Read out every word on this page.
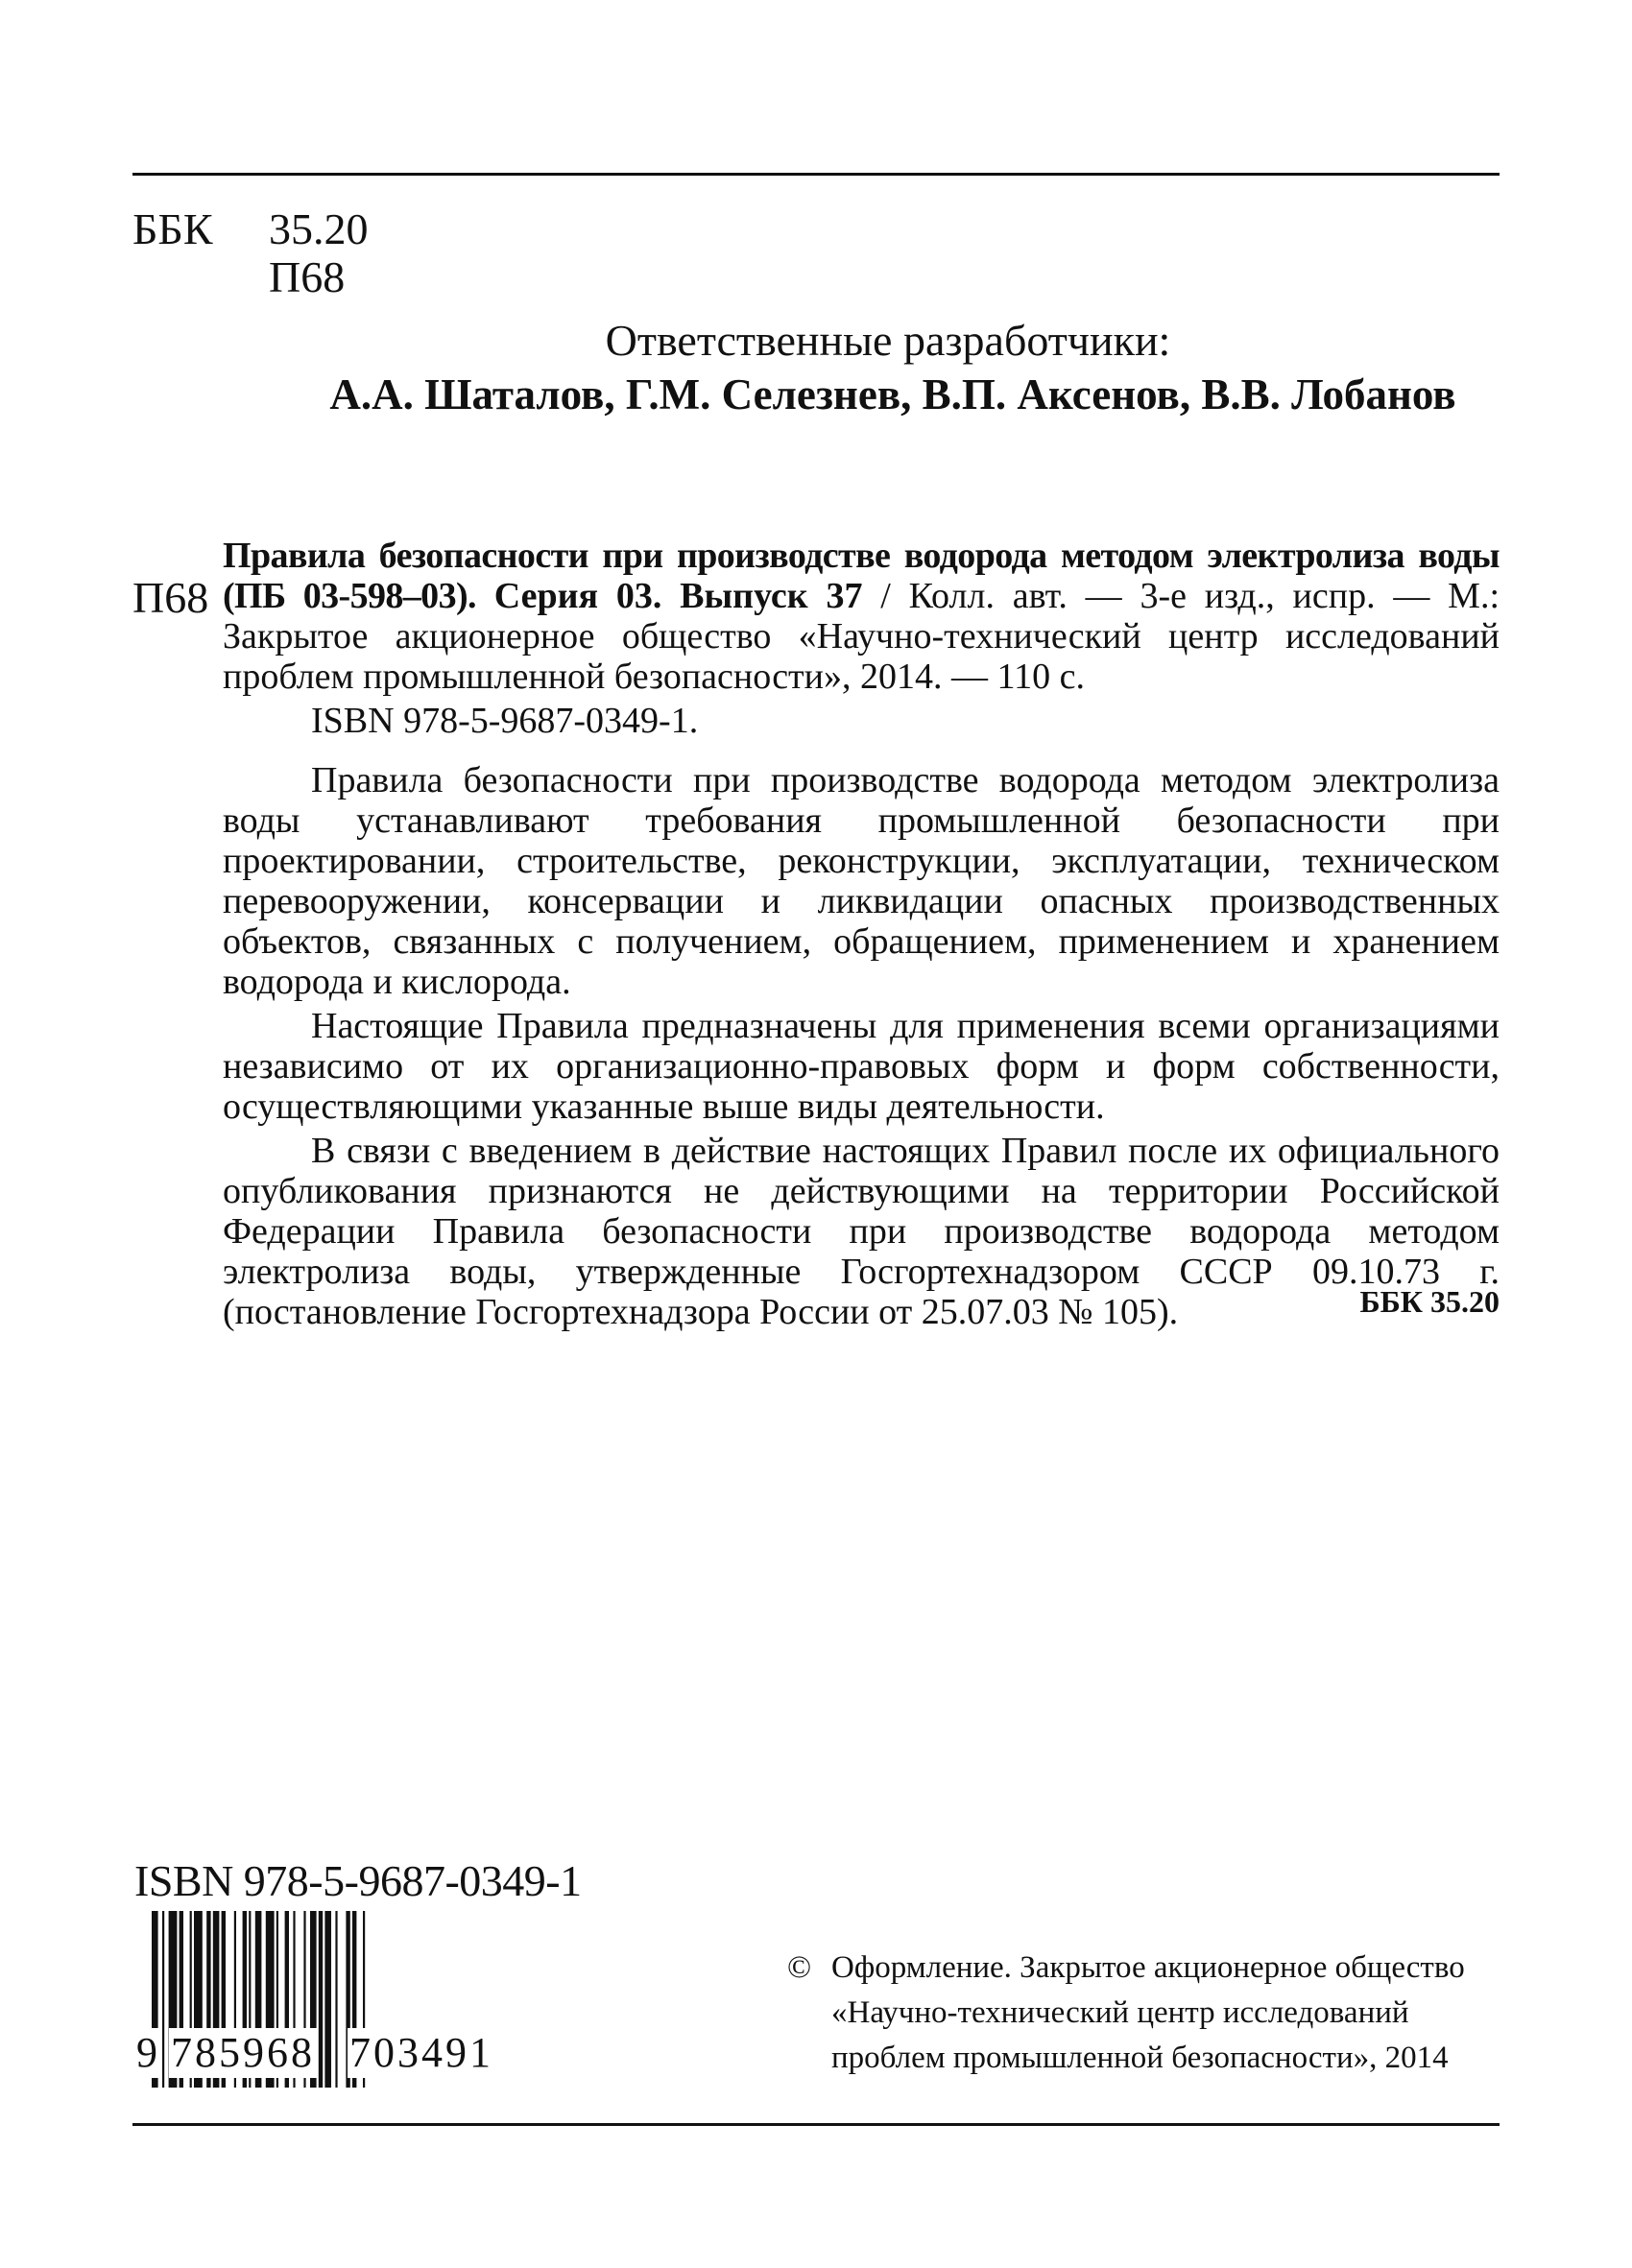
ББК 35.20
П68
Ответственные разработчики:
А.А. Шаталов, Г.М. Селезнев, В.П. Аксенов, В.В. Лобанов
П68

Правила безопасности при производстве водорода методом электролиза воды (ПБ 03-598–03). Серия 03. Выпуск 37 / Колл. авт. — 3-е изд., испр. — М.: Закрытое акционерное общество «Научно-технический центр исследований проблем промышленной безопасности», 2014. — 110 с.

ISBN 978-5-9687-0349-1.

Правила безопасности при производстве водорода методом электролиза воды устанавливают требования промышленной безопасности при проектировании, строительстве, реконструкции, эксплуатации, техническом перевооружении, консервации и ликвидации опасных производственных объектов, связанных с получением, обращением, применением и хранением водорода и кислорода.

Настоящие Правила предназначены для применения всеми организациями независимо от их организационно-правовых форм и форм собственности, осуществляющими указанные выше виды деятельности.

В связи с введением в действие настоящих Правил после их официального опубликования признаются не действующими на территории Российской Федерации Правила безопасности при производстве водорода методом электролиза воды, утвержденные Госгортехнадзором СССР 09.10.73 г. (постановление Госгортехнадзора России от 25.07.03 № 105).	ББК 35.20
ISBN 978-5-9687-0349-1
9 785968 703491
© Оформление. Закрытое акционерное общество
«Научно-технический центр исследований
проблем промышленной безопасности», 2014
